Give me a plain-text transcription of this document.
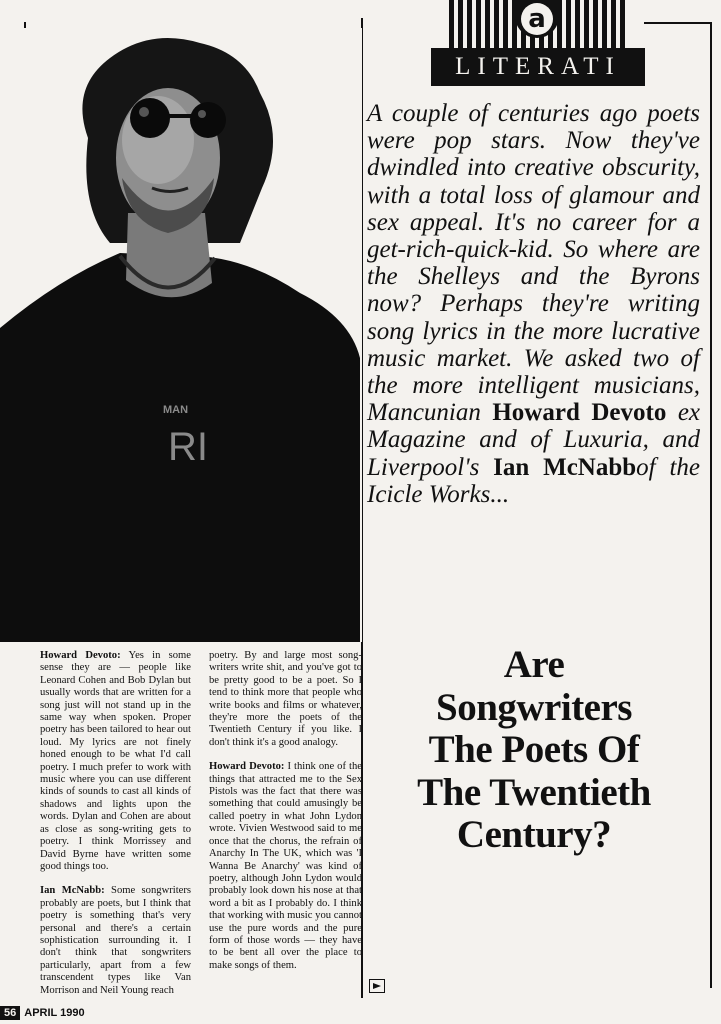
a
LITERATI
MAN
RI
A couple of centuries ago poets were pop stars. Now they've dwindled into creative obscurity, with a total loss of glamour and sex appeal. It's no career for a get-rich-quick-kid. So where are the Shelleys and the Byrons now? Perhaps they're writing song lyrics in the more lucrative music market. We asked two of the more intelligent musicians, Mancunian Howard Devoto ex Magazine and of Luxuria, and Liverpool's Ian McNabbof the Icicle Works...
Are
Songwriters
The Poets Of
The Twentieth
Century?

Howard Devoto: Yes in some sense they are — people like Leonard Cohen and Bob Dylan but usually words that are written for a song just will not stand up in the same way when spoken. Proper poetry has been tailored to hear out loud. My lyrics are not finely honed enough to be what I'd call poetry. I much prefer to work with music where you can use different kinds of sounds to cast all kinds of shadows and lights upon the words. Dylan and Cohen are about as close as song-writing gets to poetry. I think Morrissey and David Byrne have written some good things too.

Ian McNabb: Some songwriters probably are poets, but I think that poetry is something that's very personal and there's a certain sophistication surrounding it. I don't think that songwriters particularly, apart from a few transcendent types like Van Morrison and Neil Young reach

poetry. By and large most song-writers write shit, and you've got to be pretty good to be a poet. So I tend to think more that people who write books and films or whatever, they're more the poets of the Twentieth Century if you like. I don't think it's a good analogy.

Howard Devoto: I think one of the things that attracted me to the Sex Pistols was the fact that there was something that could amusingly be called poetry in what John Lydon wrote. Vivien Westwood said to me once that the chorus, the refrain of Anarchy In The UK, which was 'I Wanna Be Anarchy' was kind of poetry, although John Lydon would probably look down his nose at that word a bit as I probably do. I think that working with music you cannot use the pure words and the pure form of those words — they have to be bent all over the place to make songs of them.

56 APRIL 1990
